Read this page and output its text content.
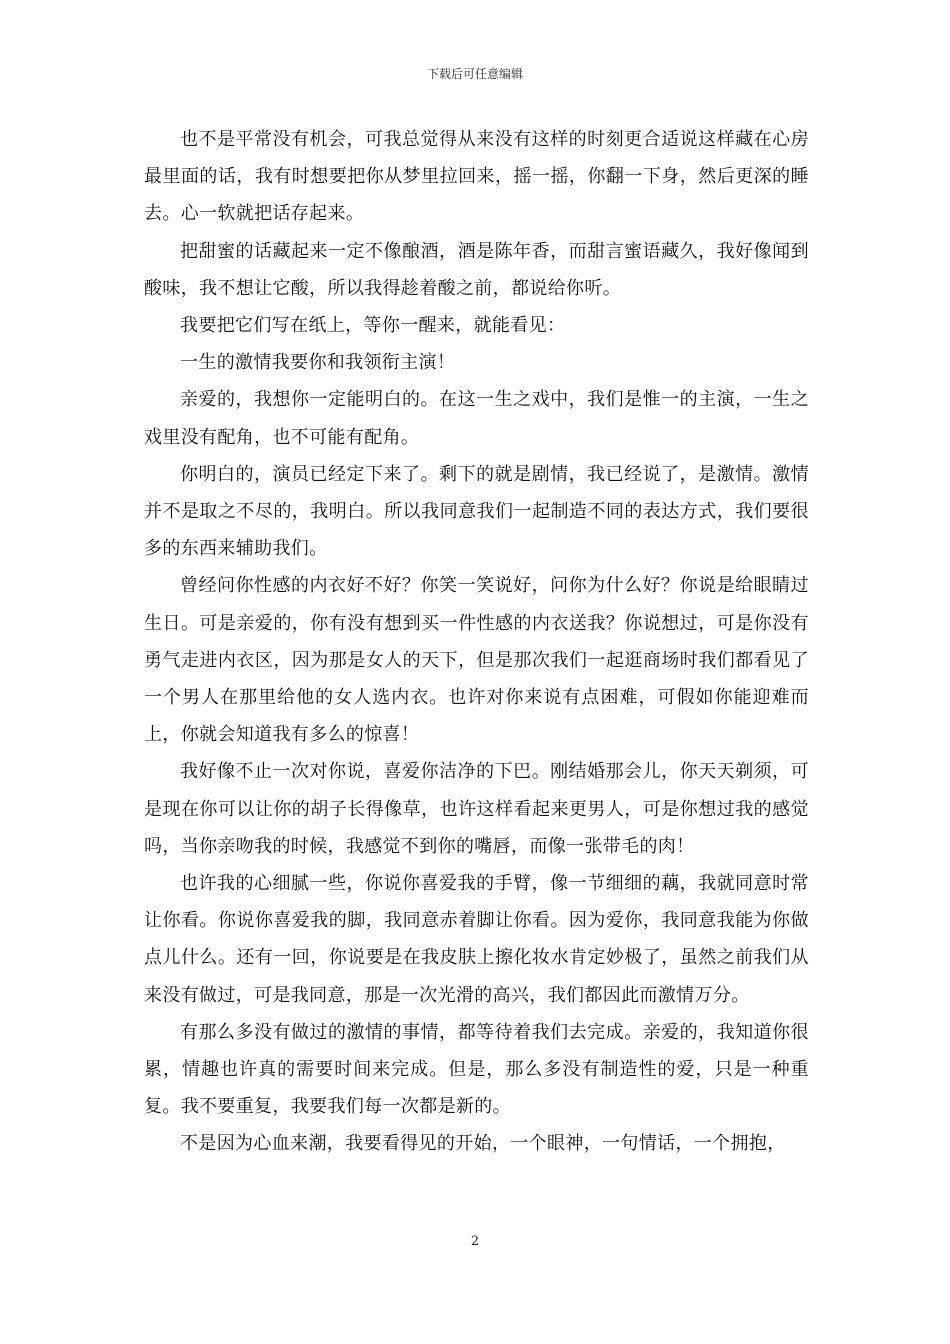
下载后可任意编辑

也不是平常没有机会，可我总觉得从来没有这样的时刻更合适说这样藏在心房最里面的话，我有时想要把你从梦里拉回来，摇一摇，你翻一下身，然后更深的睡去。心一软就把话存起来。

把甜蜜的话藏起来一定不像酿酒，酒是陈年香，而甜言蜜语藏久，我好像闻到酸味，我不想让它酸，所以我得趁着酸之前，都说给你听。

我要把它们写在纸上，等你一醒来，就能看见：

一生的激情我要你和我领衔主演！

亲爱的，我想你一定能明白的。在这一生之戏中，我们是惟一的主演，一生之戏里没有配角，也不可能有配角。

你明白的，演员已经定下来了。剩下的就是剧情，我已经说了，是激情。激情并不是取之不尽的，我明白。所以我同意我们一起制造不同的表达方式，我们要很多的东西来辅助我们。

曾经问你性感的内衣好不好？你笑一笑说好，问你为什么好？你说是给眼睛过生日。可是亲爱的，你有没有想到买一件性感的内衣送我？你说想过，可是你没有勇气走进内衣区，因为那是女人的天下，但是那次我们一起逛商场时我们都看见了一个男人在那里给他的女人选内衣。也许对你来说有点困难，可假如你能迎难而上，你就会知道我有多么的惊喜！

我好像不止一次对你说，喜爱你洁净的下巴。刚结婚那会儿，你天天剃须，可是现在你可以让你的胡子长得像草，也许这样看起来更男人，可是你想过我的感觉吗，当你亲吻我的时候，我感觉不到你的嘴唇，而像一张带毛的肉！

也许我的心细腻一些，你说你喜爱我的手臂，像一节细细的藕，我就同意时常让你看。你说你喜爱我的脚，我同意赤着脚让你看。因为爱你，我同意我能为你做点儿什么。还有一回，你说要是在我皮肤上擦化妆水肯定妙极了，虽然之前我们从来没有做过，可是我同意，那是一次光滑的高兴，我们都因此而激情万分。

有那么多没有做过的激情的事情，都等待着我们去完成。亲爱的，我知道你很累，情趣也许真的需要时间来完成。但是，那么多没有制造性的爱，只是一种重复。我不要重复，我要我们每一次都是新的。

不是因为心血来潮，我要看得见的开始，一个眼神，一句情话，一个拥抱，

2
